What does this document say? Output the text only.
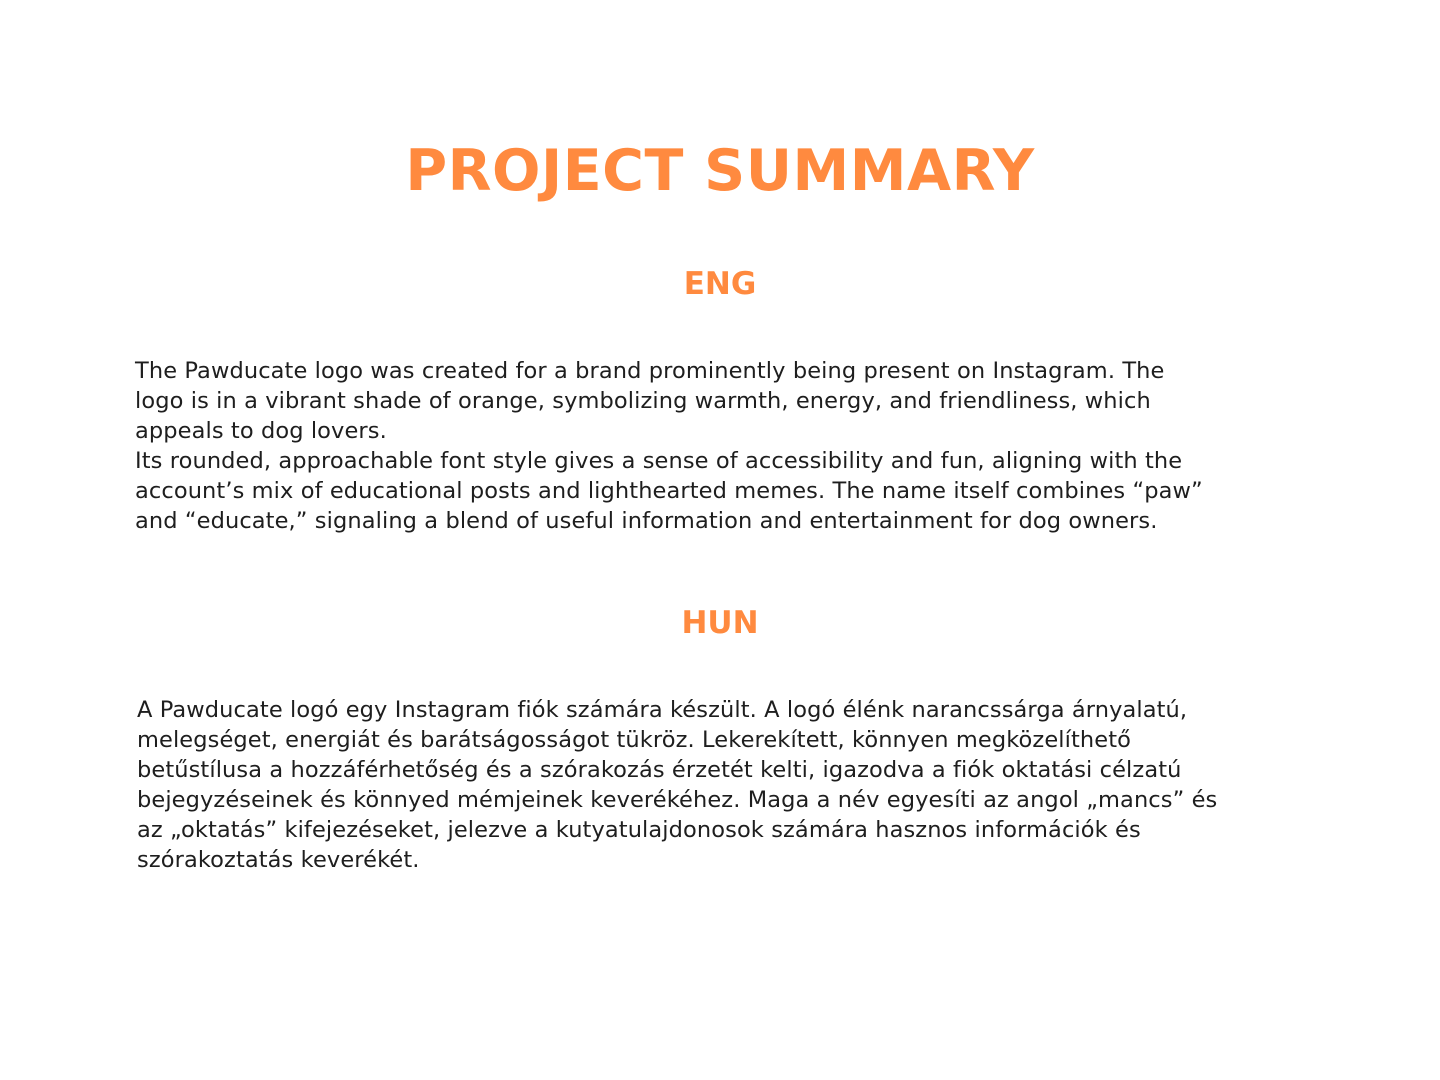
PROJECT SUMMARY
ENG

The Pawducate logo was created for a brand prominently being present on Instagram. The
logo is in a vibrant shade of orange, symbolizing warmth, energy, and friendliness, which
appeals to dog lovers.
Its rounded, approachable font style gives a sense of accessibility and fun, aligning with the
account’s mix of educational posts and lighthearted memes. The name itself combines “paw”
and “educate,” signaling a blend of useful information and entertainment for dog owners.

HUN

A Pawducate logó egy Instagram fiók számára készült. A logó élénk narancssárga árnyalatú,
melegséget, energiát és barátságosságot tükröz. Lekerekített, könnyen megközelíthető
betűstílusa a hozzáférhetőség és a szórakozás érzetét kelti, igazodva a fiók oktatási célzatú
bejegyzéseinek és könnyed mémjeinek keverékéhez. Maga a név egyesíti az angol „mancs” és
az „oktatás” kifejezéseket, jelezve a kutyatulajdonosok számára hasznos információk és
szórakoztatás keverékét.
